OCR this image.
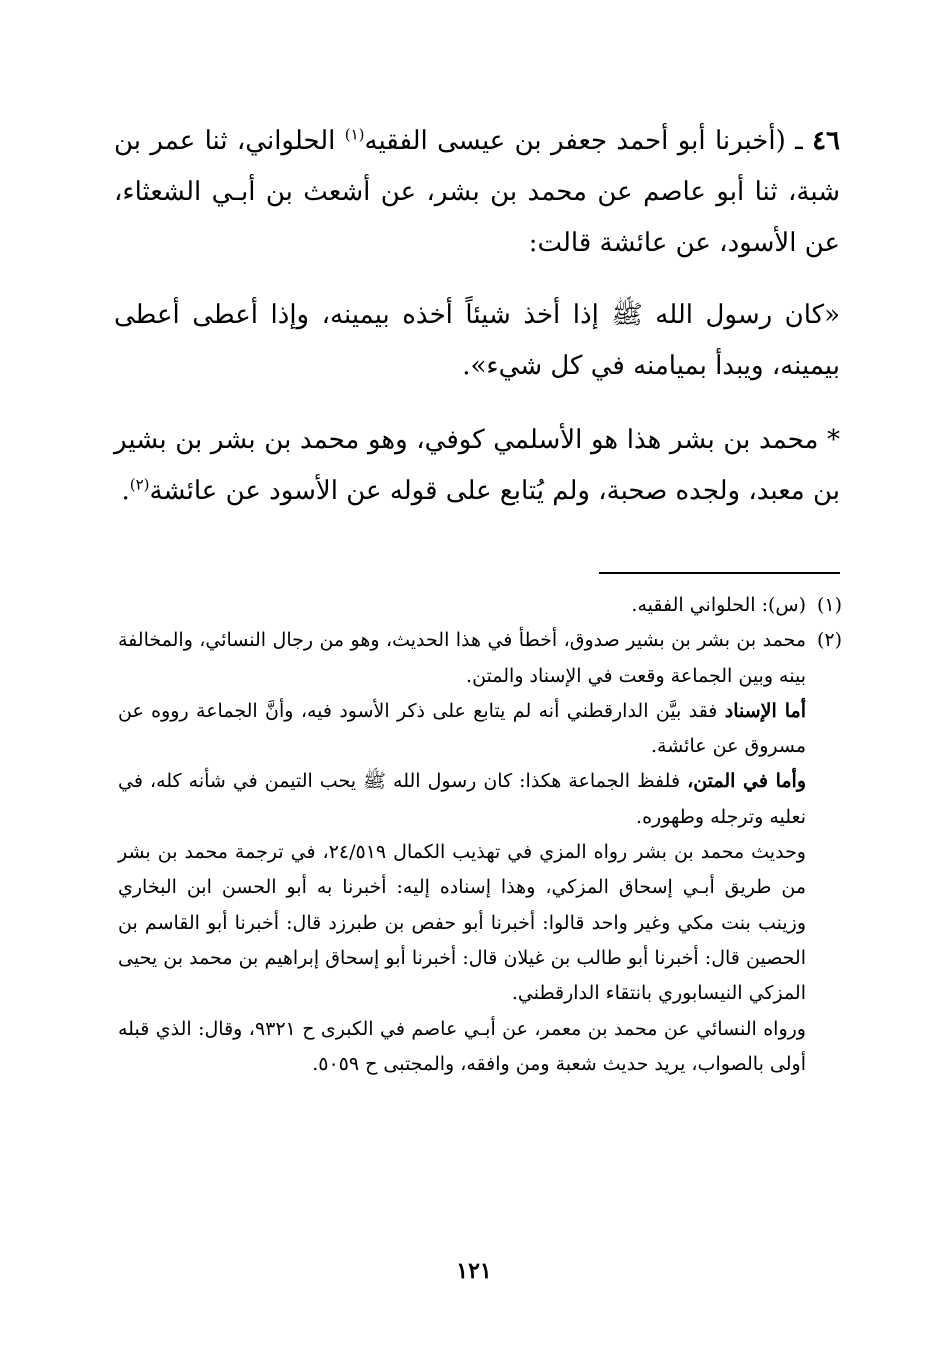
٤٦ ـ (أخبرنا أبو أحمد جعفر بن عيسى الفقيه$^{(١)}$ الحلواني، ثنا عمر بن شبة، ثنا أبو عاصم عن محمد بن بشر، عن أشعث بن أبـي الشعثاء، عن الأسود، عن عائشة قالت:

«كان رسول الله ﷺ إذا أخذ شيئاً أخذه بيمينه، وإذا أعطى أعطى بيمينه، ويبدأ بميامنه في كل شيء».

* محمد بن بشر هذا هو الأسلمي كوفي، وهو محمد بن بشر بن بشير بن معبد، ولجده صحبة، ولم يُتابع على قوله عن الأسود عن عائشة$^{(٢)}$.

(١)

(س): الحلواني الفقيه.

(٢)

محمد بن بشر بن بشير صدوق، أخطأ في هذا الحديث، وهو من رجال النسائي، والمخالفة بينه وبين الجماعة وقعت في الإسناد والمتن.

أما الإسناد فقد بيَّن الدارقطني أنه لم يتابع على ذكر الأسود فيه، وأنَّ الجماعة رووه عن مسروق عن عائشة.

وأما في المتن، فلفظ الجماعة هكذا: كان رسول الله ﷺ يحب التيمن في شأنه كله، في نعليه وترجله وطهوره.

وحديث محمد بن بشر رواه المزي في تهذيب الكمال ٢٤/٥١٩، في ترجمة محمد بن بشر من طريق أبـي إسحاق المزكي، وهذا إسناده إليه: أخبرنا به أبو الحسن ابن البخاري وزينب بنت مكي وغير واحد قالوا: أخبرنا أبو حفص بن طبرزد قال: أخبرنا أبو القاسم بن الحصين قال: أخبرنا أبو طالب بن غيلان قال: أخبرنا أبو إسحاق إبراهيم بن محمد بن يحيى المزكي النيسابوري بانتقاء الدارقطني.

ورواه النسائي عن محمد بن معمر، عن أبـي عاصم في الكبرى ح ٩٣٢١، وقال: الذي قبله أولى بالصواب، يريد حديث شعبة ومن وافقه، والمجتبى ح ٥٠٥٩.

١٢١
